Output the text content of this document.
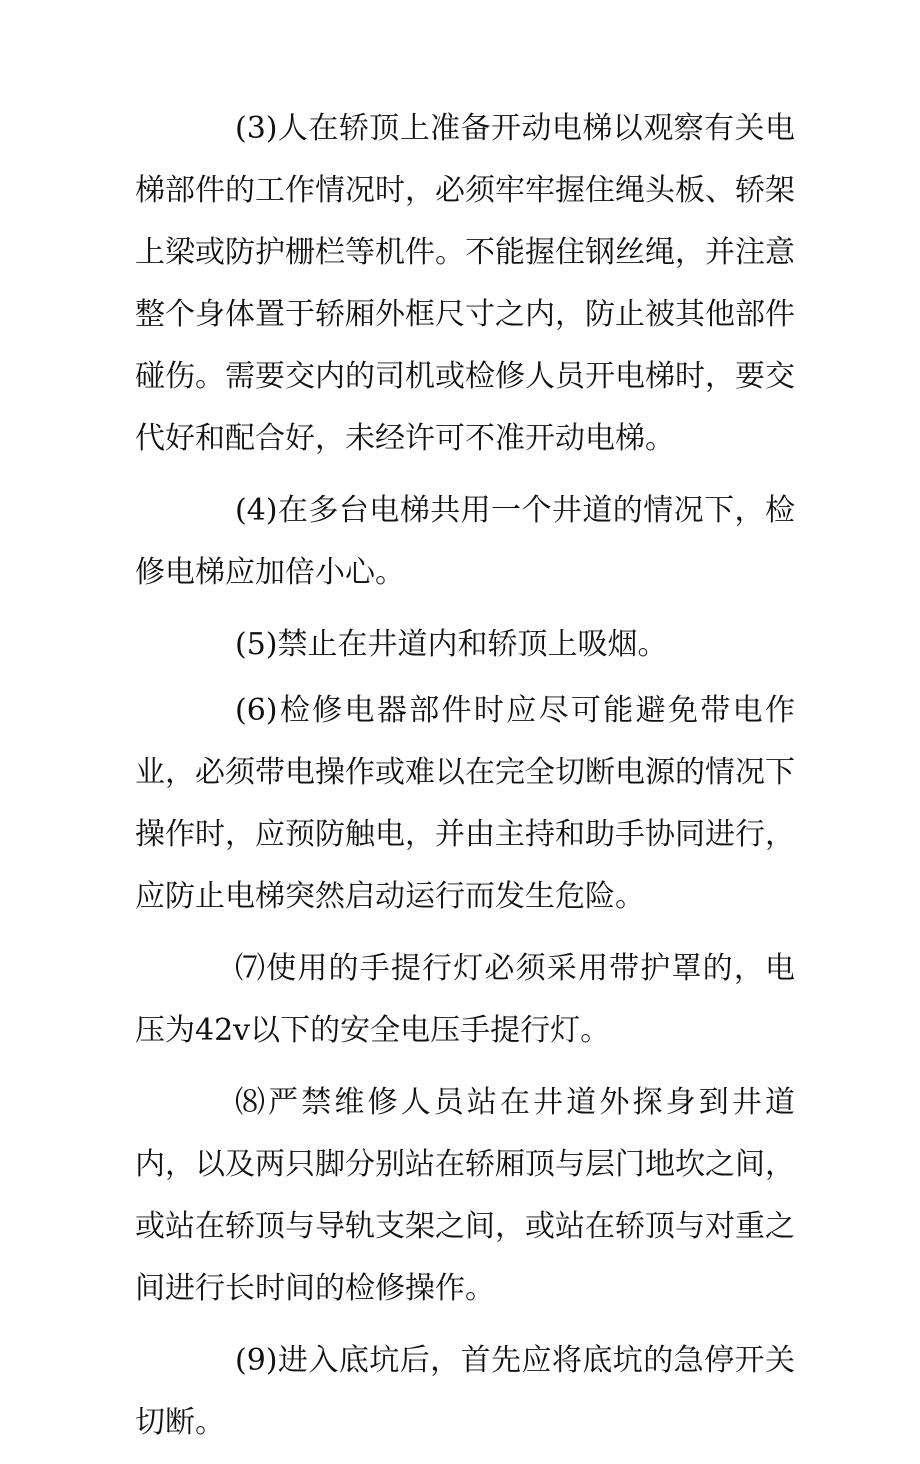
(3)人在轿顶上准备开动电梯以观察有关电梯部件的工作情况时，必须牢牢握住绳头板、轿架上梁或防护栅栏等机件。不能握住钢丝绳，并注意整个身体置于轿厢外框尺寸之内，防止被其他部件碰伤。需要交内的司机或检修人员开电梯时，要交代好和配合好，未经许可不准开动电梯。

(4)在多台电梯共用一个井道的情况下，检修电梯应加倍小心。

(5)禁止在井道内和轿顶上吸烟。

(6)检修电器部件时应尽可能避免带电作业，必须带电操作或难以在完全切断电源的情况下操作时，应预防触电，并由主持和助手协同进行，应防止电梯突然启动运行而发生危险。

⑺使用的手提行灯必须采用带护罩的，电压为42v以下的安全电压手提行灯。

⑻严禁维修人员站在井道外探身到井道内，以及两只脚分别站在轿厢顶与层门地坎之间，或站在轿顶与导轨支架之间，或站在轿顶与对重之间进行长时间的检修操作。

(9)进入底坑后，首先应将底坑的急停开关切断。
